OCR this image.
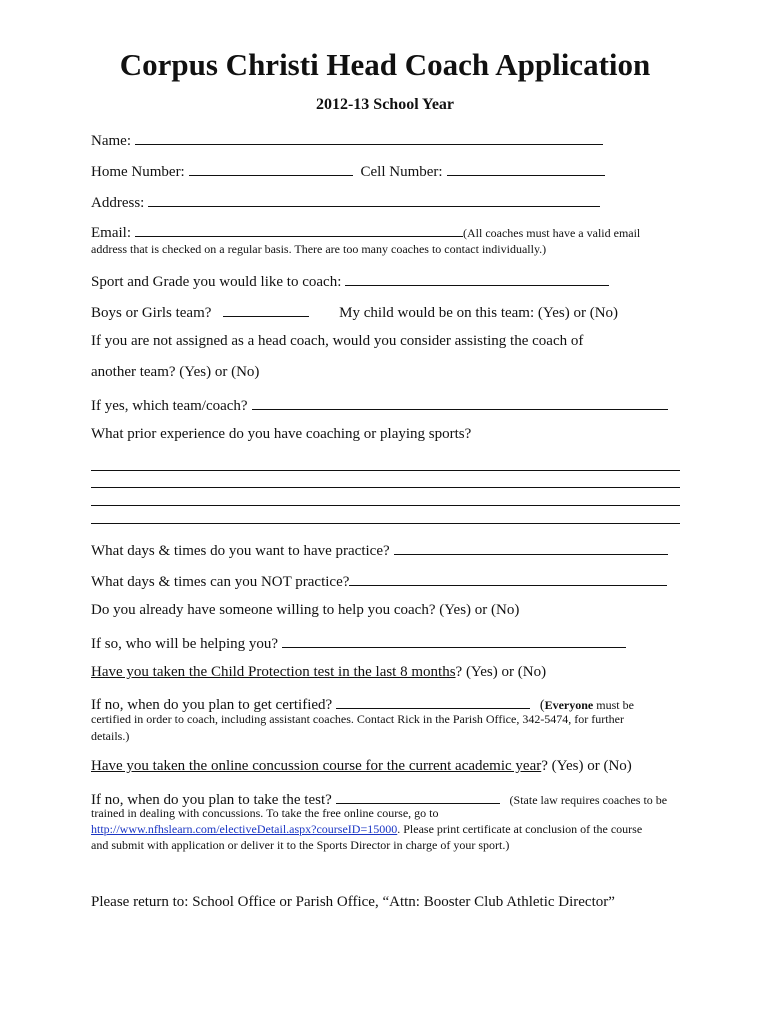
Corpus Christi Head Coach Application
2012-13 School Year
Name:
Home Number:	Cell Number:
Address:
Email:	(All coaches must have a valid email
address that is checked on a regular basis. There are too many coaches to contact individually.)
Sport and Grade you would like to coach:
Boys or Girls team?	My child would be on this team: (Yes) or (No)
If you are not assigned as a head coach, would you consider assisting the coach of
another team? (Yes) or (No)
If yes, which team/coach?
What prior experience do you have coaching or playing sports?
What days & times do you want to have practice?
What days & times can you NOT practice?
Do you already have someone willing to help you coach? (Yes) or (No)
If so, who will be helping you?
Have you taken the Child Protection test in the last 8 months? (Yes) or (No)
If no, when do you plan to get certified?	(Everyone must be
certified in order to coach, including assistant coaches. Contact Rick in the Parish Office, 342-5474, for further
details.)
Have you taken the online concussion course for the current academic year? (Yes) or (No)
If no, when do you plan to take the test?	(State law requires coaches to be
trained in dealing with concussions. To take the free online course, go to
http://www.nfhslearn.com/electiveDetail.aspx?courseID=15000. Please print certificate at conclusion of the course
and submit with application or deliver it to the Sports Director in charge of your sport.)
Please return to: School Office or Parish Office, “Attn: Booster Club Athletic Director”
